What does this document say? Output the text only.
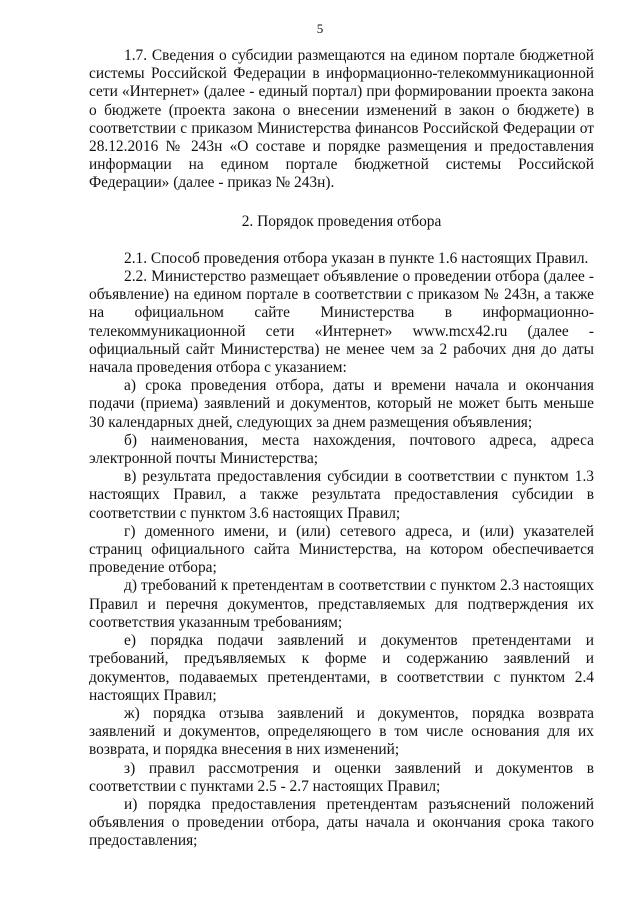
5

1.7. Сведения о субсидии размещаются на едином портале бюджетной системы Российской Федерации в информационно-телекоммуникационной сети «Интернет» (далее - единый портал) при формировании проекта закона о бюджете (проекта закона о внесении изменений в закон о бюджете) в соответствии с приказом Министерства финансов Российской Федерации от 28.12.2016 № 243н «О составе и порядке размещения и предоставления информации на едином портале бюджетной системы Российской Федерации» (далее - приказ № 243н).

2. Порядок проведения отбора

2.1. Способ проведения отбора указан в пункте 1.6 настоящих Правил.

2.2. Министерство размещает объявление о проведении отбора (далее - объявление) на едином портале в соответствии с приказом № 243н, а также на официальном сайте Министерства в информационно-телекоммуникационной сети «Интернет» www.mcx42.ru (далее - официальный сайт Министерства) не менее чем за 2 рабочих дня до даты начала проведения отбора с указанием:

а) срока проведения отбора, даты и времени начала и окончания подачи (приема) заявлений и документов, который не может быть меньше 30 календарных дней, следующих за днем размещения объявления;

б) наименования, места нахождения, почтового адреса, адреса электронной почты Министерства;

в) результата предоставления субсидии в соответствии с пунктом 1.3 настоящих Правил, а также результата предоставления субсидии в соответствии с пунктом 3.6 настоящих Правил;

г) доменного имени, и (или) сетевого адреса, и (или) указателей страниц официального сайта Министерства, на котором обеспечивается проведение отбора;

д) требований к претендентам в соответствии с пунктом 2.3 настоящих Правил и перечня документов, представляемых для подтверждения их соответствия указанным требованиям;

е) порядка подачи заявлений и документов претендентами и требований, предъявляемых к форме и содержанию заявлений и документов, подаваемых претендентами, в соответствии с пунктом 2.4 настоящих Правил;

ж) порядка отзыва заявлений и документов, порядка возврата заявлений и документов, определяющего в том числе основания для их возврата, и порядка внесения в них изменений;

з) правил рассмотрения и оценки заявлений и документов в соответствии с пунктами 2.5 - 2.7 настоящих Правил;

и) порядка предоставления претендентам разъяснений положений объявления о проведении отбора, даты начала и окончания срока такого предоставления;
